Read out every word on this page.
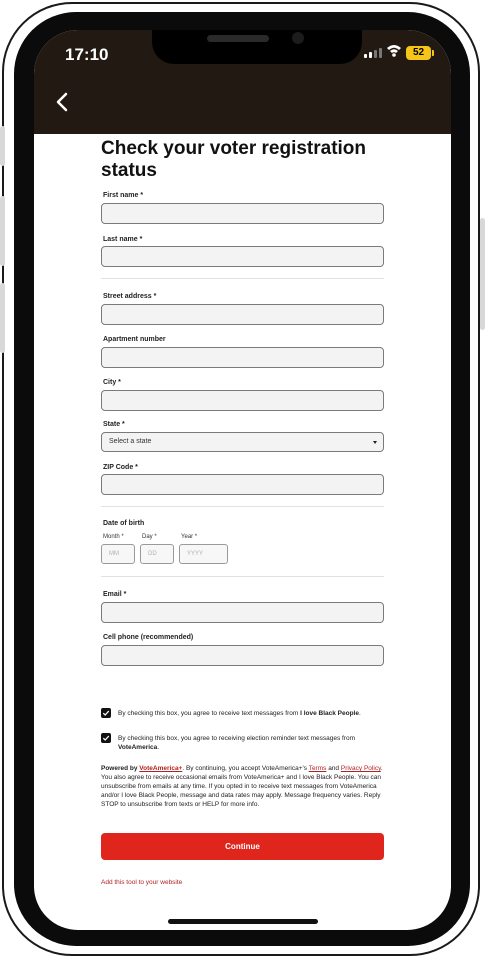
17:10	52
Check your voter registration status
First name *
Last name *
Street address *
Apartment number
City *
State *
Select a state
ZIP Code *
Date of birth
Month *	Day *	Year *
MM	DD	YYYY
Email *
Cell phone (recommended)
By checking this box, you agree to receive text messages from I love Black People.
By checking this box, you agree to receiving election reminder text messages from VoteAmerica.
Powered by VoteAmerica+. By continuing, you accept VoteAmerica+'s Terms and Privacy Policy. You also agree to receive occasional emails from VoteAmerica+ and I love Black People. You can unsubscribe from emails at any time. If you opted in to receive text messages from VoteAmerica and/or I love Black People, message and data rates may apply. Message frequency varies. Reply STOP to unsubscribe from texts or HELP for more info.
Continue
Add this tool to your website
